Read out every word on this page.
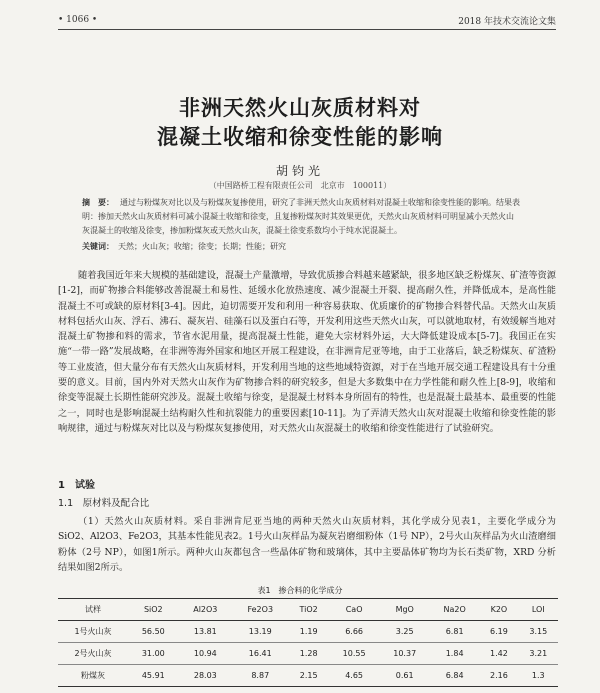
• 1066 •	2018 年技术交流论文集
非洲天然火山灰质材料对
混凝土收缩和徐变性能的影响
胡钧光
（中国路桥工程有限责任公司　北京市　100011）
摘　要： 通过与粉煤灰对比以及与粉煤灰复掺使用，研究了非洲天然火山灰质材料对混凝土收缩和徐变性能的影响。结果表明：掺加天然火山灰质材料可减小混凝土收缩和徐变，且复掺粉煤灰时其效果更优，天然火山灰质材料可明显减小天然火山灰混凝土的收缩及徐变，掺加粉煤灰或天然火山灰，混凝土徐变系数均小于纯水泥混凝土。
关键词： 天然；火山灰；收缩；徐变；长期；性能；研究

随着我国近年来大规模的基础建设，混凝土产量激增，导致优质掺合料越来越紧缺，很多地区缺乏粉煤灰、矿渣等资源[1-2]，而矿物掺合料能够改善混凝土和易性、延缓水化放热速度、减少混凝土开裂、提高耐久性，并降低成本，是高性能混凝土不可或缺的原材料[3-4]。因此，迫切需要开发和利用一种容易获取、优质廉价的矿物掺合料替代品。天然火山灰质材料包括火山灰、浮石、沸石、凝灰岩、硅藻石以及蛋白石等，开发利用这些天然火山灰，可以就地取材，有效缓解当地对混凝土矿物掺和料的需求，节省水泥用量，提高混凝土性能，避免大宗材料外运，大大降低建设成本[5-7]。我国正在实施“一带一路”发展战略，在非洲等海外国家和地区开展工程建设，在非洲肯尼亚等地，由于工业落后，缺乏粉煤灰、矿渣粉等工业废渣，但大量分布有天然火山灰质材料，开发利用当地的这些地域特资源，对于在当地开展交通工程建设具有十分重要的意义。目前，国内外对天然火山灰作为矿物掺合料的研究较多，但是大多数集中在力学性能和耐久性上[8-9]，收缩和徐变等混凝土长期性能研究涉及。混凝土收缩与徐变，是混凝土材料本身所固有的特性，也是混凝土最基本、最重要的性能之一，同时也是影响混凝土结构耐久性和抗裂能力的重要因素[10-11]。为了弄清天然火山灰对混凝土收缩和徐变性能的影响规律，通过与粉煤灰对比以及与粉煤灰复掺使用，对天然火山灰混凝土的收缩和徐变性能进行了试验研究。

1　试验
1.1　原材料及配合比

（1）天然火山灰质材料。采自非洲肯尼亚当地的两种天然火山灰质材料，其化学成分见表1，主要化学成分为 SiO2、Al2O3、Fe2O3，其基本性能见表2。1号火山灰样品为凝灰岩磨细粉体（1号 NP），2号火山灰样品为火山渣磨细粉体（2号 NP），如图1所示。两种火山灰都包含一些晶体矿物和玻璃体，其中主要晶体矿物均为长石类矿物，XRD 分析结果如图2所示。

表1　掺合料的化学成分
试样	SiO2	Al2O3	Fe2O3	TiO2	CaO	MgO	Na2O	K2O	LOI
1号火山灰	56.50	13.81	13.19	1.19	6.66	3.25	6.81	6.19	3.15
2号火山灰	31.00	10.94	16.41	1.28	10.55	10.37	1.84	1.42	3.21
粉煤灰	45.91	28.03	8.87	2.15	4.65	0.61	6.84	2.16	1.3
